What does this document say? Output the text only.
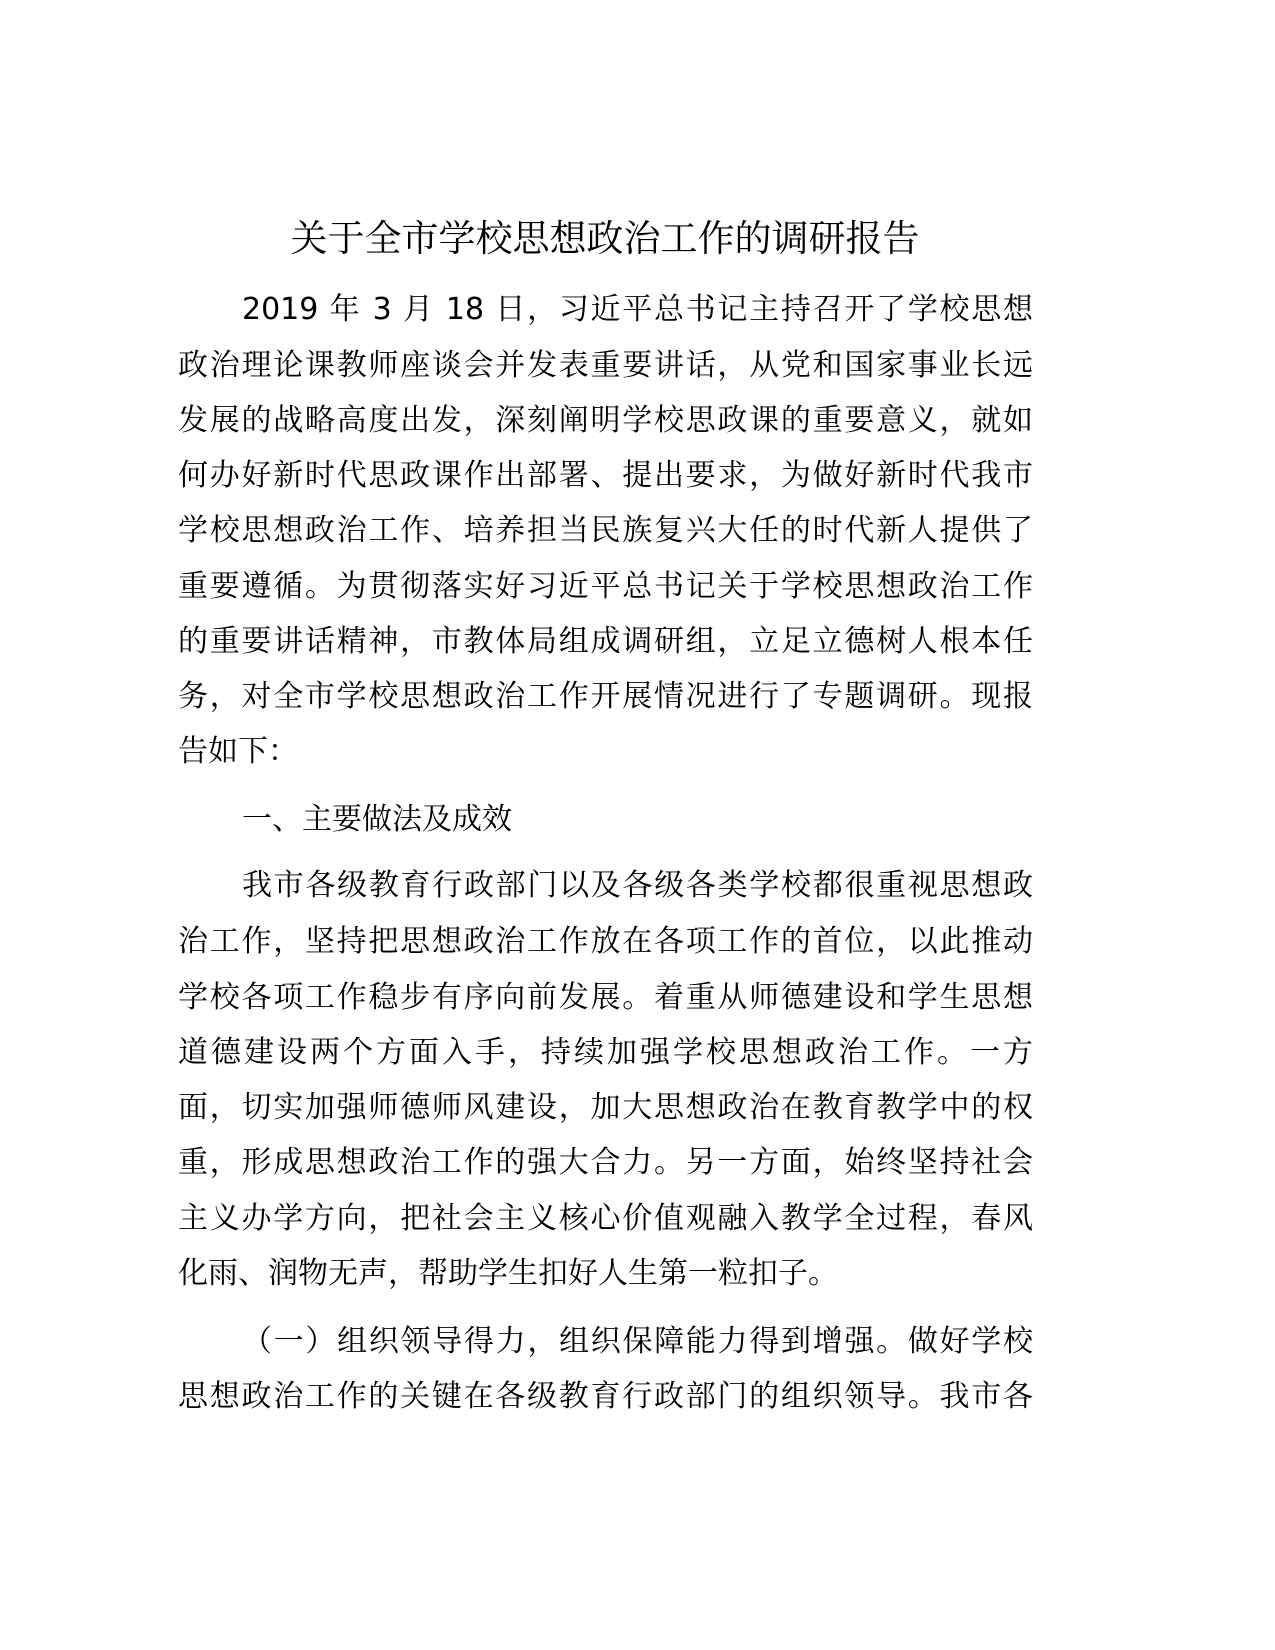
关于全市学校思想政治工作的调研报告
2019 年 3 月 18 日，习近平总书记主持召开了学校思想
政治理论课教师座谈会并发表重要讲话，从党和国家事业长远
发展的战略高度出发，深刻阐明学校思政课的重要意义，就如
何办好新时代思政课作出部署、提出要求，为做好新时代我市
学校思想政治工作、培养担当民族复兴大任的时代新人提供了
重要遵循。为贯彻落实好习近平总书记关于学校思想政治工作
的重要讲话精神，市教体局组成调研组，立足立德树人根本任
务，对全市学校思想政治工作开展情况进行了专题调研。现报
告如下：
一、主要做法及成效
我市各级教育行政部门以及各级各类学校都很重视思想政
治工作，坚持把思想政治工作放在各项工作的首位，以此推动
学校各项工作稳步有序向前发展。着重从师德建设和学生思想
道德建设两个方面入手，持续加强学校思想政治工作。一方
面，切实加强师德师风建设，加大思想政治在教育教学中的权
重，形成思想政治工作的强大合力。另一方面，始终坚持社会
主义办学方向，把社会主义核心价值观融入教学全过程，春风
化雨、润物无声，帮助学生扣好人生第一粒扣子。
（一）组织领导得力，组织保障能力得到增强。做好学校
思想政治工作的关键在各级教育行政部门的组织领导。我市各
